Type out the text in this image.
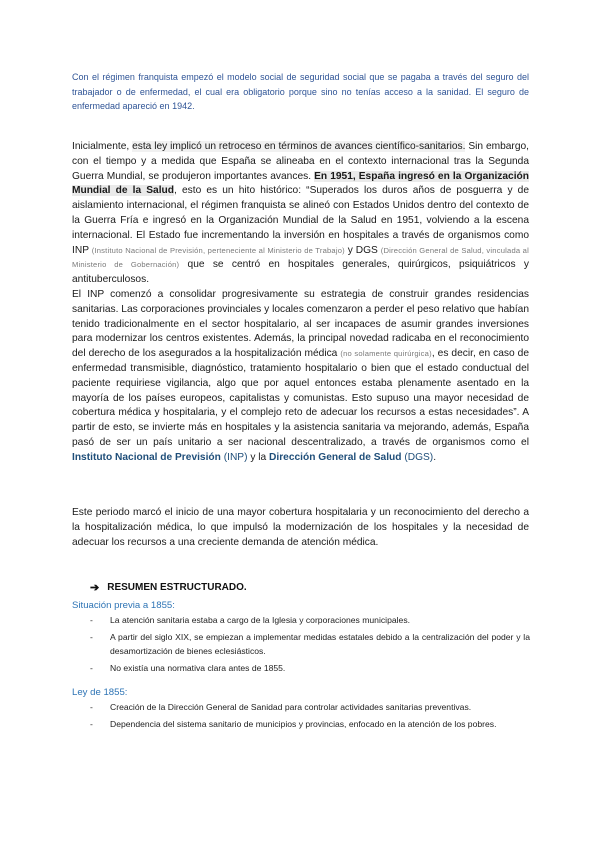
Con el régimen franquista empezó el modelo social de seguridad social que se pagaba a través del seguro del trabajador o de enfermedad, el cual era obligatorio porque sino no tenías acceso a la sanidad. El seguro de enfermedad apareció en 1942.

Inicialmente, esta ley implicó un retroceso en términos de avances científico-sanitarios. Sin embargo, con el tiempo y a medida que España se alineaba en el contexto internacional tras la Segunda Guerra Mundial, se produjeron importantes avances. En 1951, España ingresó en la Organización Mundial de la Salud, esto es un hito histórico: “Superados los duros años de posguerra y de aislamiento internacional, el régimen franquista se alineó con Estados Unidos dentro del contexto de la Guerra Fría e ingresó en la Organización Mundial de la Salud en 1951, volviendo a la escena internacional. El Estado fue incrementando la inversión en hospitales a través de organismos como INP (Instituto Nacional de Previsión, perteneciente al Ministerio de Trabajo) y DGS (Dirección General de Salud, vinculada al Ministerio de Gobernación) que se centró en hospitales generales, quirúrgicos, psiquiátricos y antituberculosos.
El INP comenzó a consolidar progresivamente su estrategia de construir grandes residencias sanitarias. Las corporaciones provinciales y locales comenzaron a perder el peso relativo que habían tenido tradicionalmente en el sector hospitalario, al ser incapaces de asumir grandes inversiones para modernizar los centros existentes. Además, la principal novedad radicaba en el reconocimiento del derecho de los asegurados a la hospitalización médica (no solamente quirúrgica), es decir, en caso de enfermedad transmisible, diagnóstico, tratamiento hospitalario o bien que el estado conductual del paciente requiriese vigilancia, algo que por aquel entonces estaba plenamente asentado en la mayoría de los países europeos, capitalistas y comunistas. Esto supuso una mayor necesidad de cobertura médica y hospitalaria, y el complejo reto de adecuar los recursos a estas necesidades”. A partir de esto, se invierte más en hospitales y la asistencia sanitaria va mejorando, además, España pasó de ser un país unitario a ser nacional descentralizado, a través de organismos como el Instituto Nacional de Previsión (INP) y la Dirección General de Salud (DGS).

Este periodo marcó el inicio de una mayor cobertura hospitalaria y un reconocimiento del derecho a la hospitalización médica, lo que impulsó la modernización de los hospitales y la necesidad de adecuar los recursos a una creciente demanda de atención médica.

➔ RESUMEN ESTRUCTURADO.
Situación previa a 1855:
- La atención sanitaria estaba a cargo de la Iglesia y corporaciones municipales.
- A partir del siglo XIX, se empiezan a implementar medidas estatales debido a la centralización del poder y la desamortización de bienes eclesiásticos.
- No existía una normativa clara antes de 1855.
Ley de 1855:
- Creación de la Dirección General de Sanidad para controlar actividades sanitarias preventivas.
- Dependencia del sistema sanitario de municipios y provincias, enfocado en la atención de los pobres.
